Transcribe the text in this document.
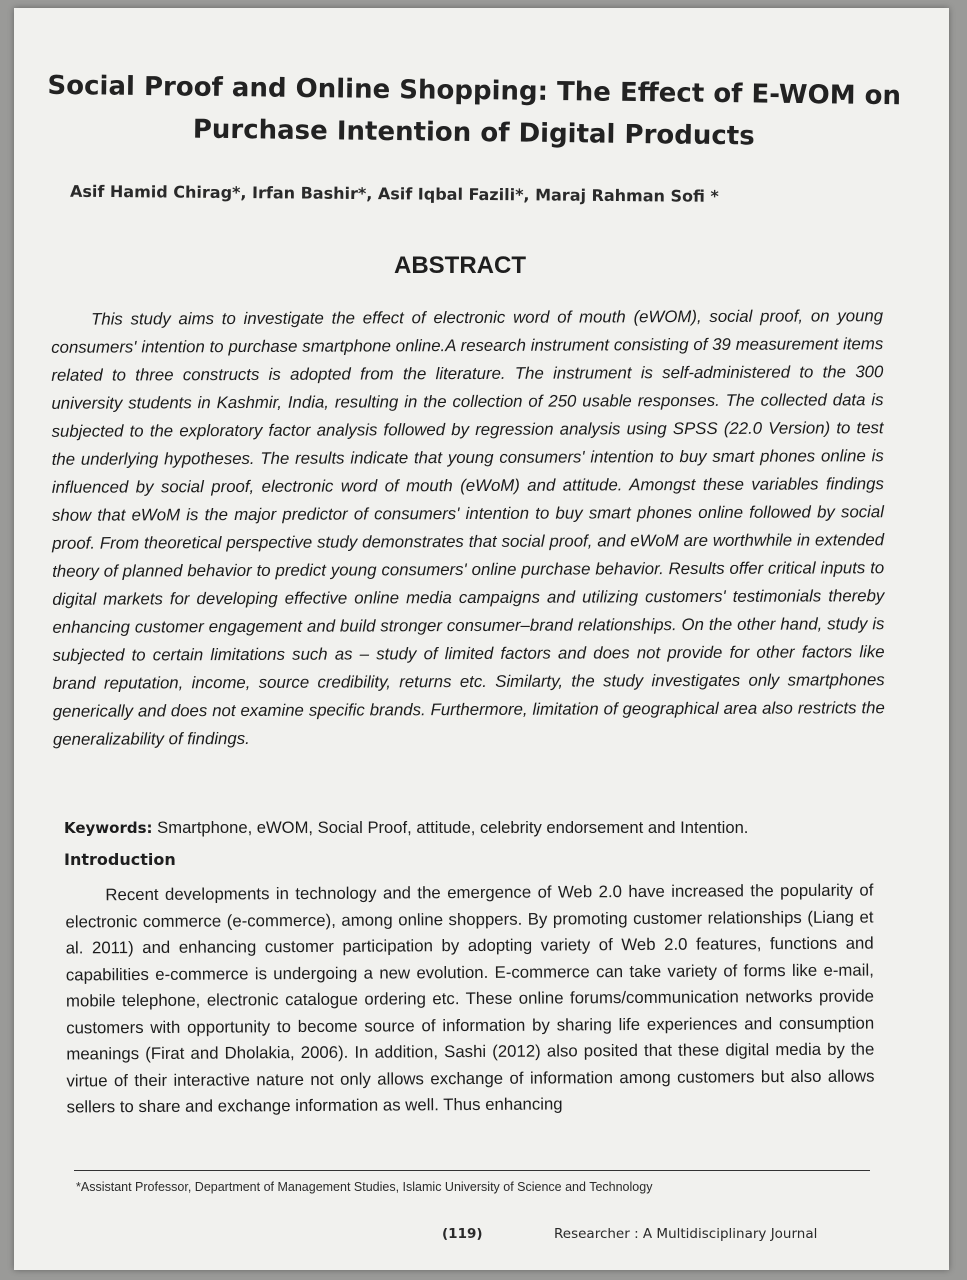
Social Proof and Online Shopping: The Effect of E-WOM on Purchase Intention of Digital Products

Asif Hamid Chirag*, Irfan Bashir*, Asif Iqbal Fazili*, Maraj Rahman Sofi *

ABSTRACT

This study aims to investigate the effect of electronic word of mouth (eWOM), social proof, on young consumers' intention to purchase smartphone online.A research instrument consisting of 39 measurement items related to three constructs is adopted from the literature. The instrument is self-administered to the 300 university students in Kashmir, India, resulting in the collection of 250 usable responses. The collected data is subjected to the exploratory factor analysis followed by regression analysis using SPSS (22.0 Version) to test the underlying hypotheses. The results indicate that young consumers' intention to buy smart phones online is influenced by social proof, electronic word of mouth (eWoM) and attitude. Amongst these variables findings show that eWoM is the major predictor of consumers' intention to buy smart phones online followed by social proof. From theoretical perspective study demonstrates that social proof, and eWoM are worthwhile in extended theory of planned behavior to predict young consumers' online purchase behavior. Results offer critical inputs to digital markets for developing effective online media campaigns and utilizing customers' testimonials thereby enhancing customer engagement and build stronger consumer–brand relationships. On the other hand, study is subjected to certain limitations such as – study of limited factors and does not provide for other factors like brand reputation, income, source credibility, returns etc. Similarty, the study investigates only smartphones generically and does not examine specific brands. Furthermore, limitation of geographical area also restricts the generalizability of findings.

Keywords: Smartphone, eWOM, Social Proof, attitude, celebrity endorsement and Intention.

Introduction

Recent developments in technology and the emergence of Web 2.0 have increased the popularity of electronic commerce (e-commerce), among online shoppers. By promoting customer relationships (Liang et al. 2011) and enhancing customer participation by adopting variety of Web 2.0 features, functions and capabilities e-commerce is undergoing a new evolution. E-commerce can take variety of forms like e-mail, mobile telephone, electronic catalogue ordering etc. These online forums/communication networks provide customers with opportunity to become source of information by sharing life experiences and consumption meanings (Firat and Dholakia, 2006). In addition, Sashi (2012) also posited that these digital media by the virtue of their interactive nature not only allows exchange of information among customers but also allows sellers to share and exchange information as well. Thus enhancing

*Assistant Professor, Department of Management Studies, Islamic University of Science and Technology

(119)	Researcher : A Multidisciplinary Journal
